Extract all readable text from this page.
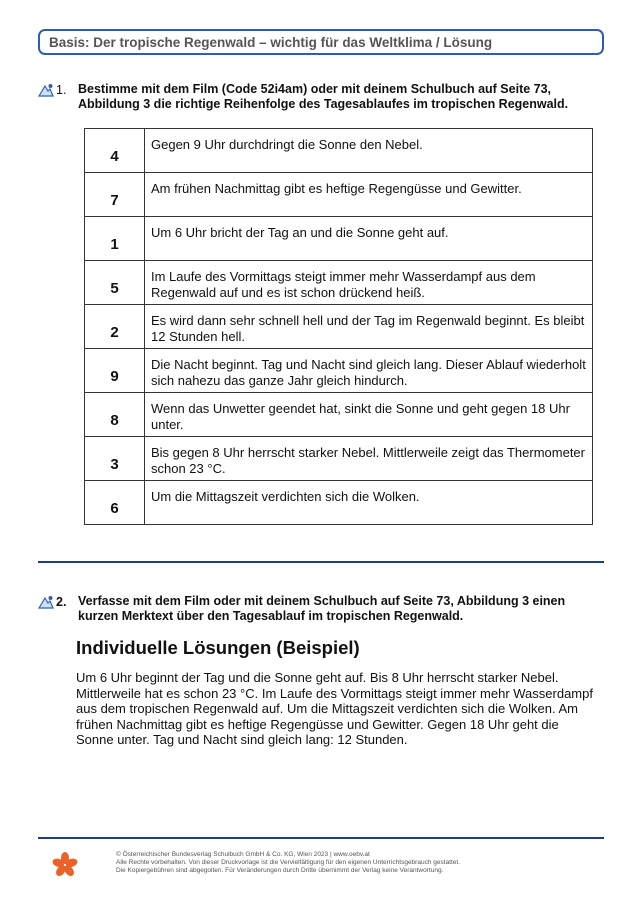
Basis: Der tropische Regenwald – wichtig für das Weltklima / Lösung
1. Bestimme mit dem Film (Code 52i4am) oder mit deinem Schulbuch auf Seite 73, Abbildung 3 die richtige Reihenfolge des Tagesablaufes im tropischen Regenwald.
4	Gegen 9 Uhr durchdringt die Sonne den Nebel.
7	Am frühen Nachmittag gibt es heftige Regengüsse und Gewitter.
1	Um 6 Uhr bricht der Tag an und die Sonne geht auf.
5	Im Laufe des Vormittags steigt immer mehr Wasserdampf aus dem Regenwald auf und es ist schon drückend heiß.
2	Es wird dann sehr schnell hell und der Tag im Regenwald beginnt. Es bleibt 12 Stunden hell.
9	Die Nacht beginnt. Tag und Nacht sind gleich lang. Dieser Ablauf wiederholt sich nahezu das ganze Jahr gleich hindurch.
8	Wenn das Unwetter geendet hat, sinkt die Sonne und geht gegen 18 Uhr unter.
3	Bis gegen 8 Uhr herrscht starker Nebel. Mittlerweile zeigt das Thermometer schon 23 °C.
6	Um die Mittagszeit verdichten sich die Wolken.
2. Verfasse mit dem Film oder mit deinem Schulbuch auf Seite 73, Abbildung 3 einen kurzen Merktext über den Tagesablauf im tropischen Regenwald.
Individuelle Lösungen (Beispiel)
Um 6 Uhr beginnt der Tag und die Sonne geht auf. Bis 8 Uhr herrscht starker Nebel. Mittlerweile hat es schon 23 °C. Im Laufe des Vormittags steigt immer mehr Wasserdampf aus dem tropischen Regenwald auf. Um die Mittagszeit verdichten sich die Wolken. Am frühen Nachmittag gibt es heftige Regengüsse und Gewitter. Gegen 18 Uhr geht die Sonne unter. Tag und Nacht sind gleich lang: 12 Stunden.
© Österreichischer Bundesverlag Schulbuch GmbH & Co. KG, Wien 2023 | www.oebv.at
Alle Rechte vorbehalten. Von dieser Druckvorlage ist die Vervielfältigung für den eigenen Unterrichtsgebrauch gestattet.
Die Kopiergebühren sind abgegolten. Für Veränderungen durch Dritte übernimmt der Verlag keine Verantwortung.
